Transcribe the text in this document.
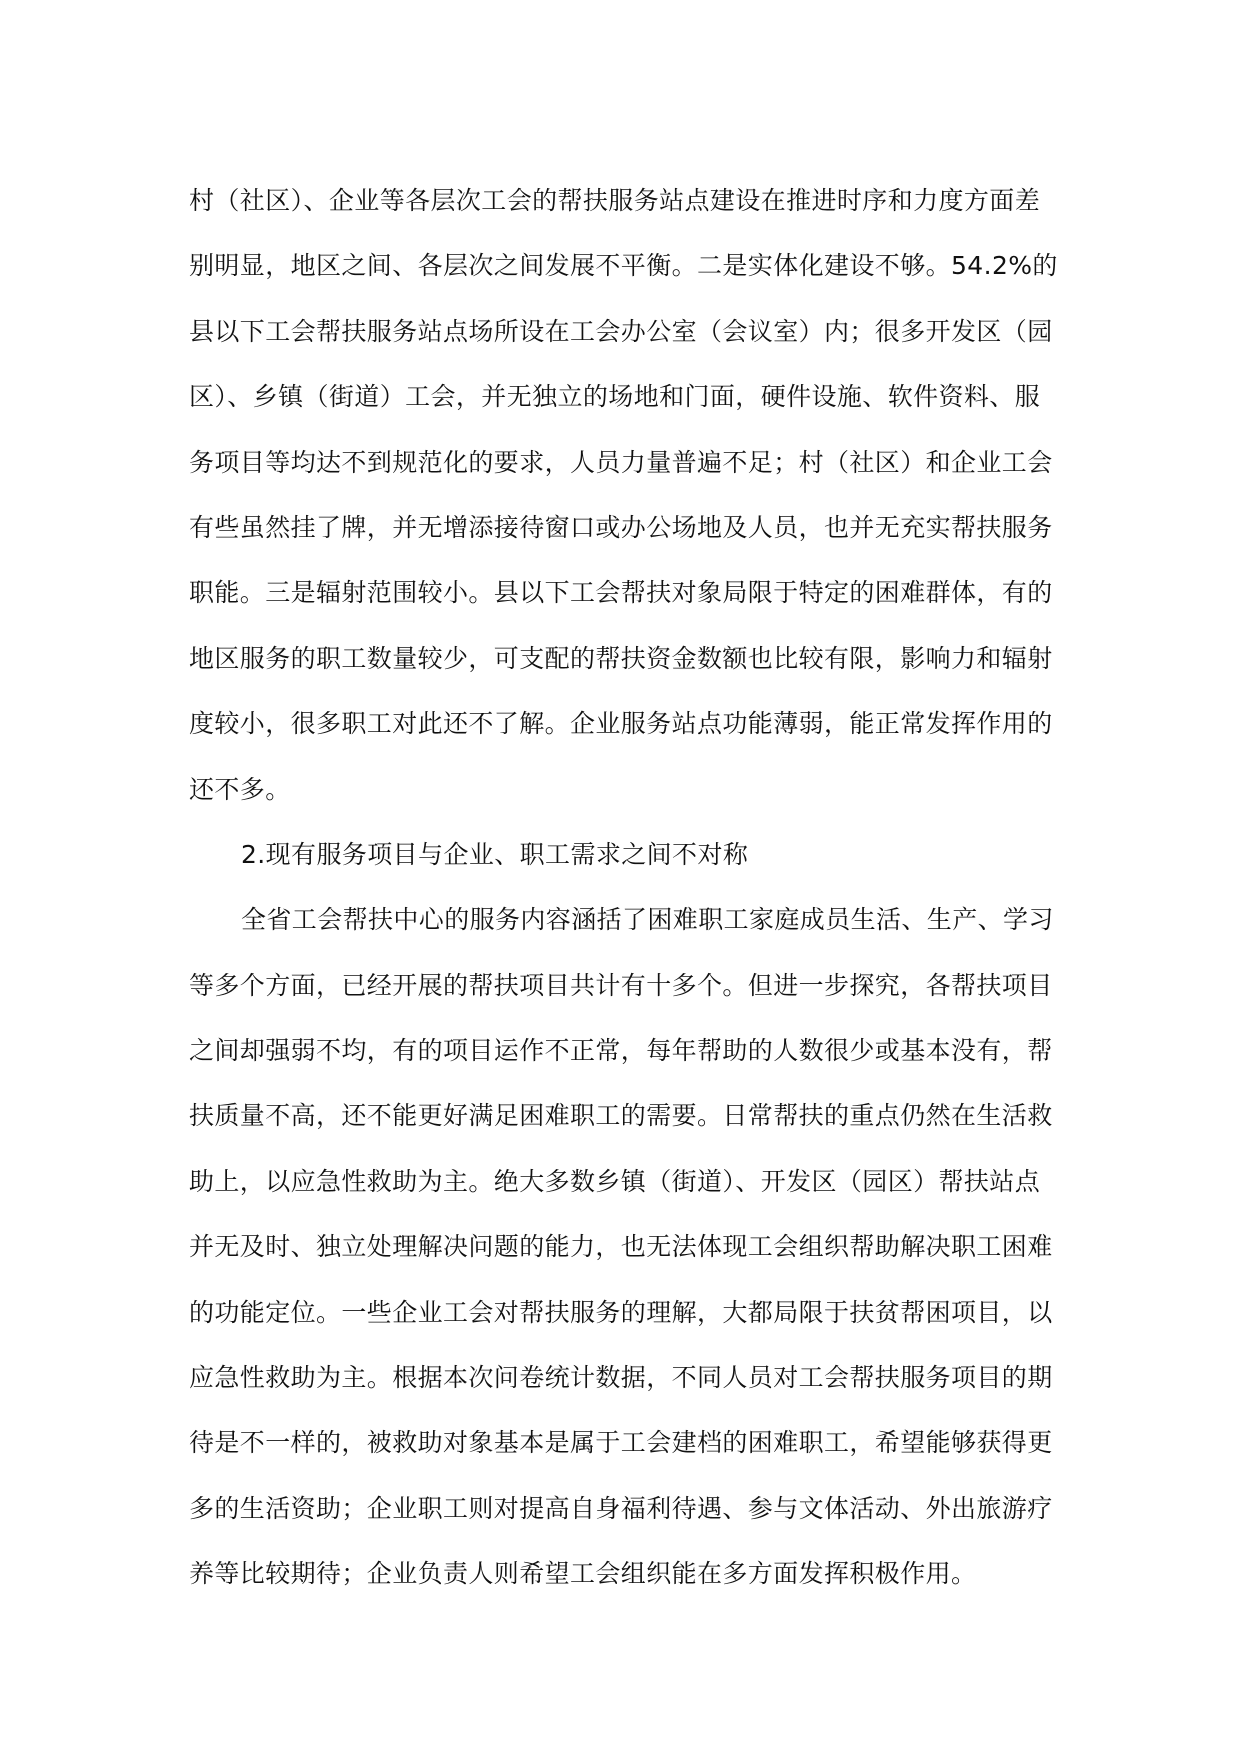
村（社区）、企业等各层次工会的帮扶服务站点建设在推进时序和力度方面差
别明显，地区之间、各层次之间发展不平衡。二是实体化建设不够。54.2%的
县以下工会帮扶服务站点场所设在工会办公室（会议室）内；很多开发区（园
区）、乡镇（街道）工会，并无独立的场地和门面，硬件设施、软件资料、服
务项目等均达不到规范化的要求，人员力量普遍不足；村（社区）和企业工会
有些虽然挂了牌，并无增添接待窗口或办公场地及人员，也并无充实帮扶服务
职能。三是辐射范围较小。县以下工会帮扶对象局限于特定的困难群体，有的
地区服务的职工数量较少，可支配的帮扶资金数额也比较有限，影响力和辐射
度较小，很多职工对此还不了解。企业服务站点功能薄弱，能正常发挥作用的
还不多。
2.现有服务项目与企业、职工需求之间不对称
全省工会帮扶中心的服务内容涵括了困难职工家庭成员生活、生产、学习
等多个方面，已经开展的帮扶项目共计有十多个。但进一步探究，各帮扶项目
之间却强弱不均，有的项目运作不正常，每年帮助的人数很少或基本没有，帮
扶质量不高，还不能更好满足困难职工的需要。日常帮扶的重点仍然在生活救
助上，以应急性救助为主。绝大多数乡镇（街道）、开发区（园区）帮扶站点
并无及时、独立处理解决问题的能力，也无法体现工会组织帮助解决职工困难
的功能定位。一些企业工会对帮扶服务的理解，大都局限于扶贫帮困项目，以
应急性救助为主。根据本次问卷统计数据，不同人员对工会帮扶服务项目的期
待是不一样的，被救助对象基本是属于工会建档的困难职工，希望能够获得更
多的生活资助；企业职工则对提高自身福利待遇、参与文体活动、外出旅游疗
养等比较期待；企业负责人则希望工会组织能在多方面发挥积极作用。
